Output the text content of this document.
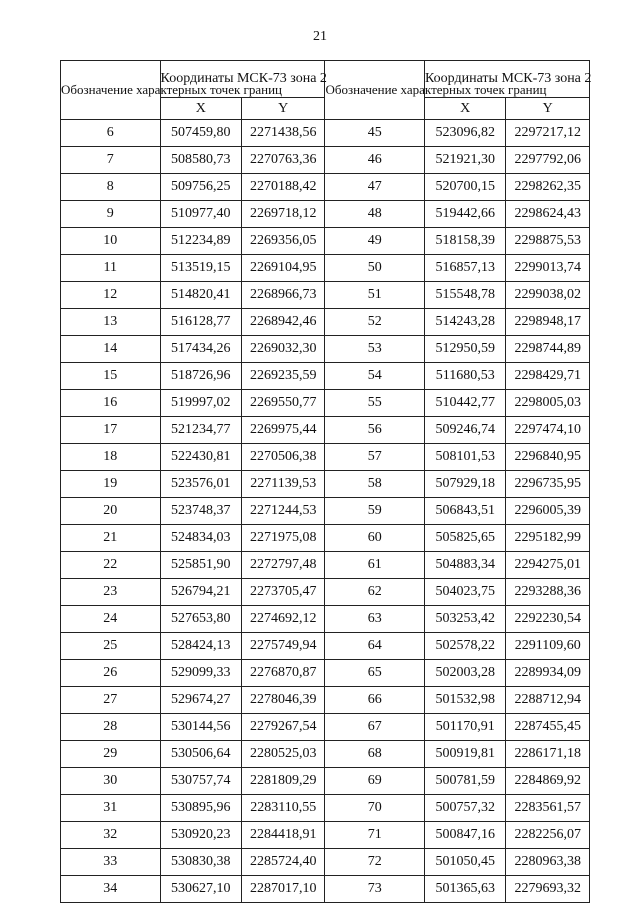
21
Обозначение характерных точек границ	Координаты МСК-73 зона 2		Обозначение характерных точек границ	Координаты МСК-73 зона 2	
	X	Y		X	Y
6	507459,80	2271438,56	45	523096,82	2297217,12
7	508580,73	2270763,36	46	521921,30	2297792,06
8	509756,25	2270188,42	47	520700,15	2298262,35
9	510977,40	2269718,12	48	519442,66	2298624,43
10	512234,89	2269356,05	49	518158,39	2298875,53
11	513519,15	2269104,95	50	516857,13	2299013,74
12	514820,41	2268966,73	51	515548,78	2299038,02
13	516128,77	2268942,46	52	514243,28	2298948,17
14	517434,26	2269032,30	53	512950,59	2298744,89
15	518726,96	2269235,59	54	511680,53	2298429,71
16	519997,02	2269550,77	55	510442,77	2298005,03
17	521234,77	2269975,44	56	509246,74	2297474,10
18	522430,81	2270506,38	57	508101,53	2296840,95
19	523576,01	2271139,53	58	507929,18	2296735,95
20	523748,37	2271244,53	59	506843,51	2296005,39
21	524834,03	2271975,08	60	505825,65	2295182,99
22	525851,90	2272797,48	61	504883,34	2294275,01
23	526794,21	2273705,47	62	504023,75	2293288,36
24	527653,80	2274692,12	63	503253,42	2292230,54
25	528424,13	2275749,94	64	502578,22	2291109,60
26	529099,33	2276870,87	65	502003,28	2289934,09
27	529674,27	2278046,39	66	501532,98	2288712,94
28	530144,56	2279267,54	67	501170,91	2287455,45
29	530506,64	2280525,03	68	500919,81	2286171,18
30	530757,74	2281809,29	69	500781,59	2284869,92
31	530895,96	2283110,55	70	500757,32	2283561,57
32	530920,23	2284418,91	71	500847,16	2282256,07
33	530830,38	2285724,40	72	501050,45	2280963,38
34	530627,10	2287017,10	73	501365,63	2279693,32
